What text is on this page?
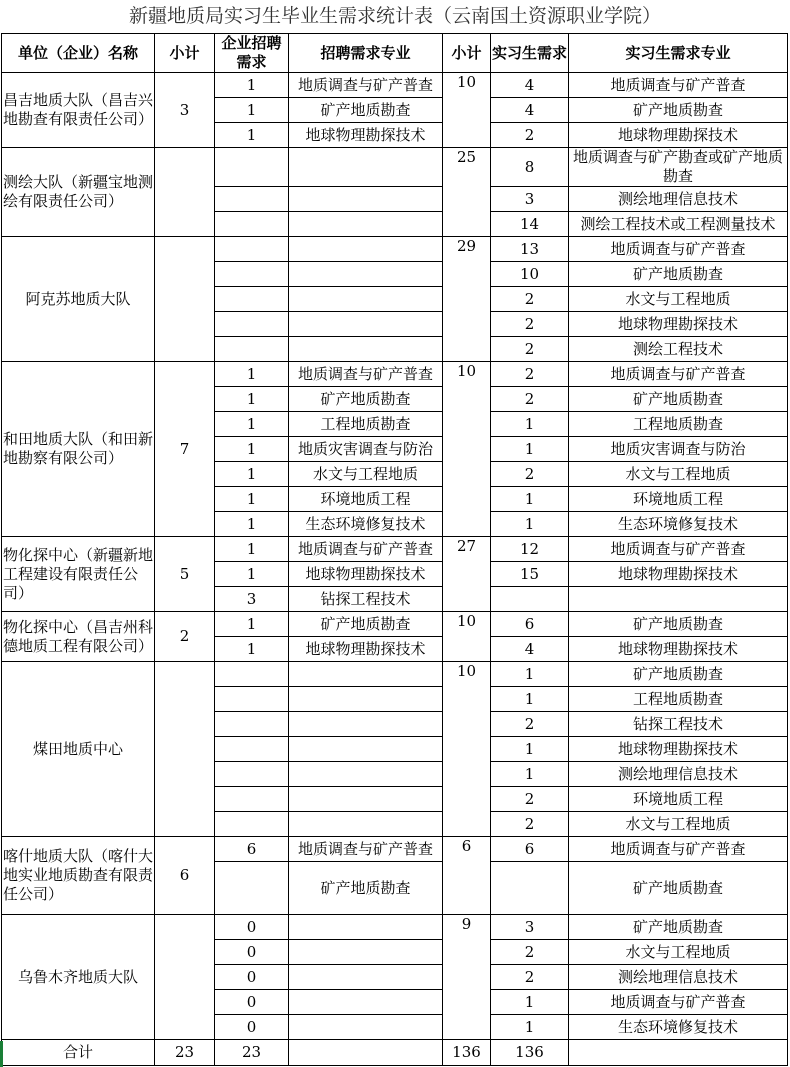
新疆地质局实习生毕业生需求统计表（云南国土资源职业学院）
单位（企业）名称	小计	企业招聘需求	招聘需求专业	小计	实习生需求	实习生需求专业
昌吉地质大队（昌吉兴地勘查有限责任公司）	3	1	地质调查与矿产普查	10	4	地质调查与矿产普查
		1	矿产地质勘查		4	矿产地质勘查
		1	地球物理勘探技术		2	地球物理勘探技术
测绘大队（新疆宝地测绘有限责任公司）				25	8	地质调查与矿产勘查或矿产地质勘查
					3	测绘地理信息技术
					14	测绘工程技术或工程测量技术
阿克苏地质大队				29	13	地质调查与矿产普查
					10	矿产地质勘查
					2	水文与工程地质
					2	地球物理勘探技术
					2	测绘工程技术
和田地质大队（和田新地勘察有限公司）	7	1	地质调查与矿产普查	10	2	地质调查与矿产普查
		1	矿产地质勘查		2	矿产地质勘查
		1	工程地质勘查		1	工程地质勘查
		1	地质灾害调查与防治		1	地质灾害调查与防治
		1	水文与工程地质		2	水文与工程地质
		1	环境地质工程		1	环境地质工程
		1	生态环境修复技术		1	生态环境修复技术
物化探中心（新疆新地工程建设有限责任公司）	5	1	地质调查与矿产普查	27	12	地质调查与矿产普查
		1	地球物理勘探技术		15	地球物理勘探技术
		3	钻探工程技术			
物化探中心（昌吉州科德地质工程有限公司）	2	1	矿产地质勘查	10	6	矿产地质勘查
		1	地球物理勘探技术		4	地球物理勘探技术
煤田地质中心				10	1	矿产地质勘查
					1	工程地质勘查
					2	钻探工程技术
					1	地球物理勘探技术
					1	测绘地理信息技术
					2	环境地质工程
					2	水文与工程地质
喀什地质大队（喀什大地实业地质勘查有限责任公司）	6	6	地质调查与矿产普查	6	6	地质调查与矿产普查
			矿产地质勘查			矿产地质勘查
乌鲁木齐地质大队		0		9	3	矿产地质勘查
		0			2	水文与工程地质
		0			2	测绘地理信息技术
		0			1	地质调查与矿产普查
		0			1	生态环境修复技术
合计	23	23		136	136	
